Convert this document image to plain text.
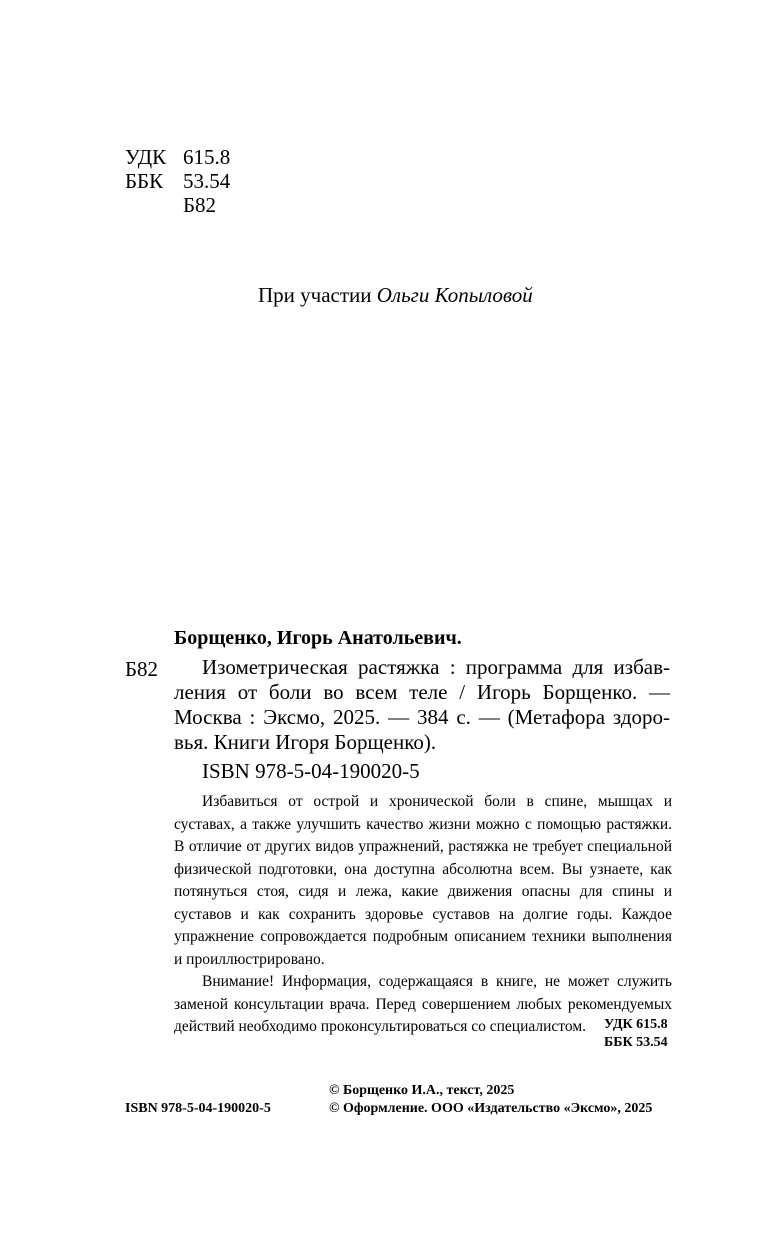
УДК 615.8
ББК 53.54
Б82
При участии Ольги Копыловой
Борщенко, Игорь Анатольевич.
Б82 Изометрическая растяжка : программа для избав-
ления от боли во всем теле / Игорь Борщенко. —
Москва : Эксмо, 2025. — 384 с. — (Метафора здоро-
вья. Книги Игоря Борщенко).
ISBN 978-5-04-190020-5

Избавиться от острой и хронической боли в спине, мышцах и суставах, а также улучшить качество жизни можно с помощью растяжки. В отличие от других видов упражнений, растяжка не требует специальной физической подготовки, она доступна абсолютна всем. Вы узнаете, как потянуться стоя, сидя и лежа, какие движения опасны для спины и суставов и как сохранить здоровье суставов на долгие годы. Каждое упражнение сопровождается подробным описанием техники выполнения и проиллюстрировано.

Внимание! Информация, содержащаяся в книге, не может служить заменой консультации врача. Перед совершением любых рекомендуемых действий необходимо проконсультироваться со специалистом.	УДК 615.8
ББК 53.54
© Борщенко И.А., текст, 2025
ISBN 978-5-04-190020-5	© Оформление. ООО «Издательство «Эксмо», 2025
